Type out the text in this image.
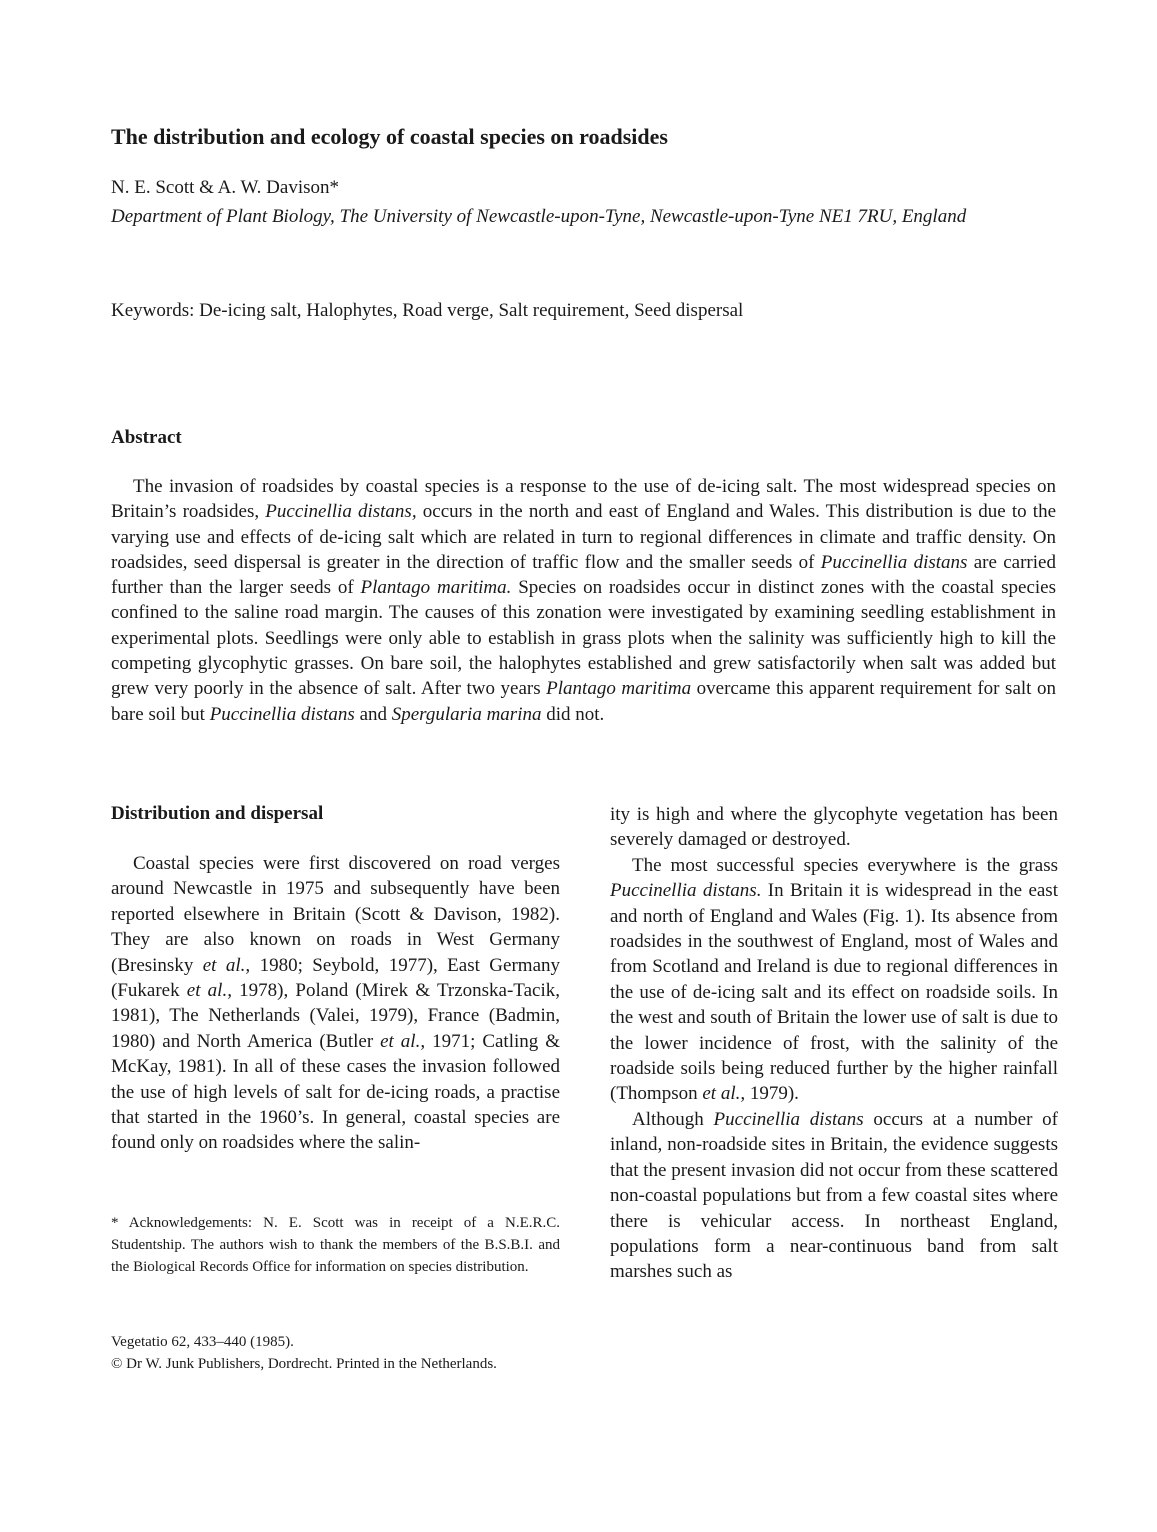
The distribution and ecology of coastal species on roadsides
N. E. Scott & A. W. Davison*
Department of Plant Biology, The University of Newcastle-upon-Tyne, Newcastle-upon-Tyne NE1 7RU, England
Keywords: De-icing salt, Halophytes, Road verge, Salt requirement, Seed dispersal
Abstract

The invasion of roadsides by coastal species is a response to the use of de-icing salt. The most widespread species on Britain’s roadsides, Puccinellia distans, occurs in the north and east of England and Wales. This distribution is due to the varying use and effects of de-icing salt which are related in turn to regional differences in climate and traffic density. On roadsides, seed dispersal is greater in the direction of traffic flow and the smaller seeds of Puccinellia distans are carried further than the larger seeds of Plantago maritima. Species on roadsides occur in distinct zones with the coastal species confined to the saline road margin. The causes of this zonation were investigated by examining seedling establishment in experimental plots. Seedlings were only able to establish in grass plots when the salinity was sufficiently high to kill the competing glycophytic grasses. On bare soil, the halophytes established and grew satisfactorily when salt was added but grew very poorly in the absence of salt. After two years Plantago maritima overcame this apparent requirement for salt on bare soil but Puccinellia distans and Spergularia marina did not.

Distribution and dispersal

Coastal species were first discovered on road verges around Newcastle in 1975 and subsequently have been reported elsewhere in Britain (Scott & Davison, 1982). They are also known on roads in West Germany (Bresinsky et al., 1980; Seybold, 1977), East Germany (Fukarek et al., 1978), Poland (Mirek & Trzonska-Tacik, 1981), The Netherlands (Valei, 1979), France (Badmin, 1980) and North America (Butler et al., 1971; Catling & McKay, 1981). In all of these cases the invasion followed the use of high levels of salt for de-icing roads, a practise that started in the 1960’s. In general, coastal species are found only on roadsides where the salin-

* Acknowledgements: N. E. Scott was in receipt of a N.E.R.C. Studentship. The authors wish to thank the members of the B.S.B.I. and the Biological Records Office for information on species distribution.

Vegetatio 62, 433–440 (1985).
© Dr W. Junk Publishers, Dordrecht. Printed in the Netherlands.

ity is high and where the glycophyte vegetation has been severely damaged or destroyed.

The most successful species everywhere is the grass Puccinellia distans. In Britain it is widespread in the east and north of England and Wales (Fig. 1). Its absence from roadsides in the southwest of England, most of Wales and from Scotland and Ireland is due to regional differences in the use of de-icing salt and its effect on roadside soils. In the west and south of Britain the lower use of salt is due to the lower incidence of frost, with the salinity of the roadside soils being reduced further by the higher rainfall (Thompson et al., 1979).

Although Puccinellia distans occurs at a number of inland, non-roadside sites in Britain, the evidence suggests that the present invasion did not occur from these scattered non-coastal populations but from a few coastal sites where there is vehicular access. In northeast England, populations form a near-continuous band from salt marshes such as
